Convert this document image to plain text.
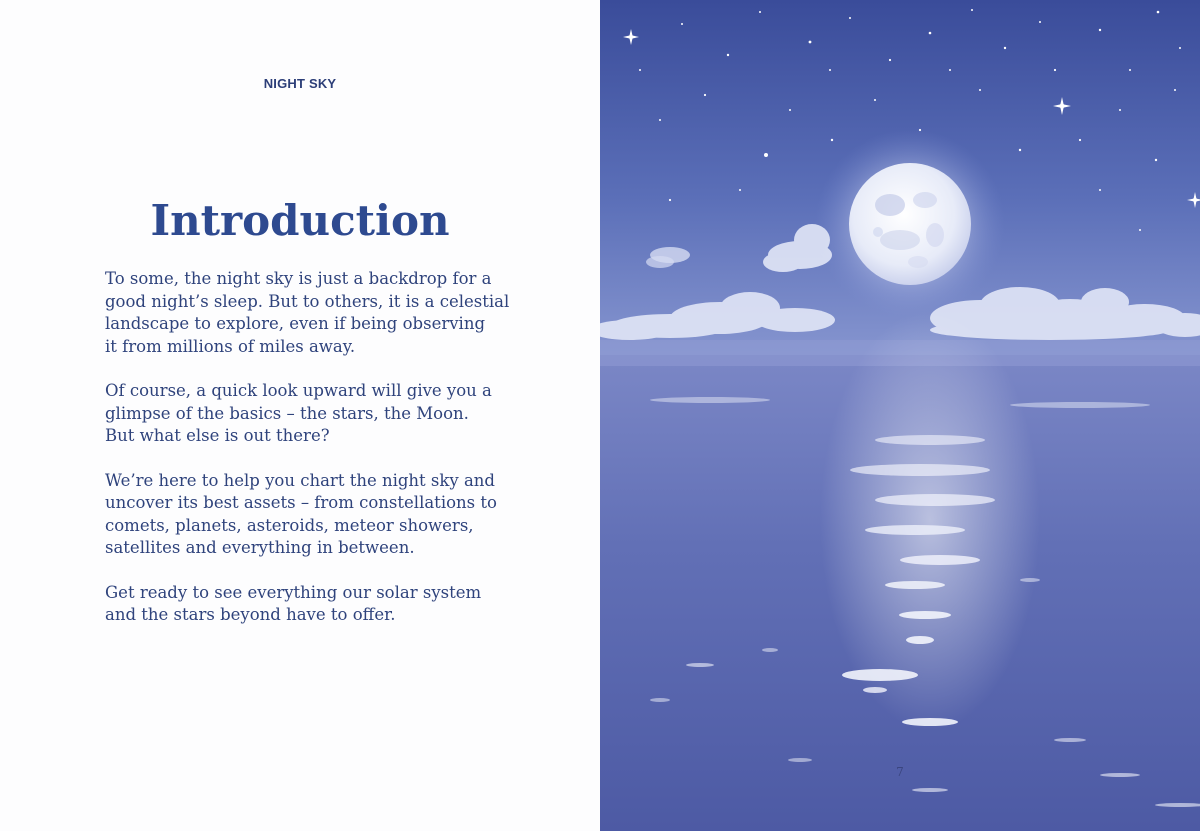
NIGHT SKY
Introduction

To some, the night sky is just a backdrop for a
good night’s sleep. But to others, it is a celestial
landscape to explore, even if being observing
it from millions of miles away.

Of course, a quick look upward will give you a
glimpse of the basics – the stars, the Moon.
But what else is out there?

We’re here to help you chart the night sky and
uncover its best assets – from constellations to
comets, planets, asteroids, meteor showers,
satellites and everything in between.

Get ready to see everything our solar system
and the stars beyond have to offer.

7
